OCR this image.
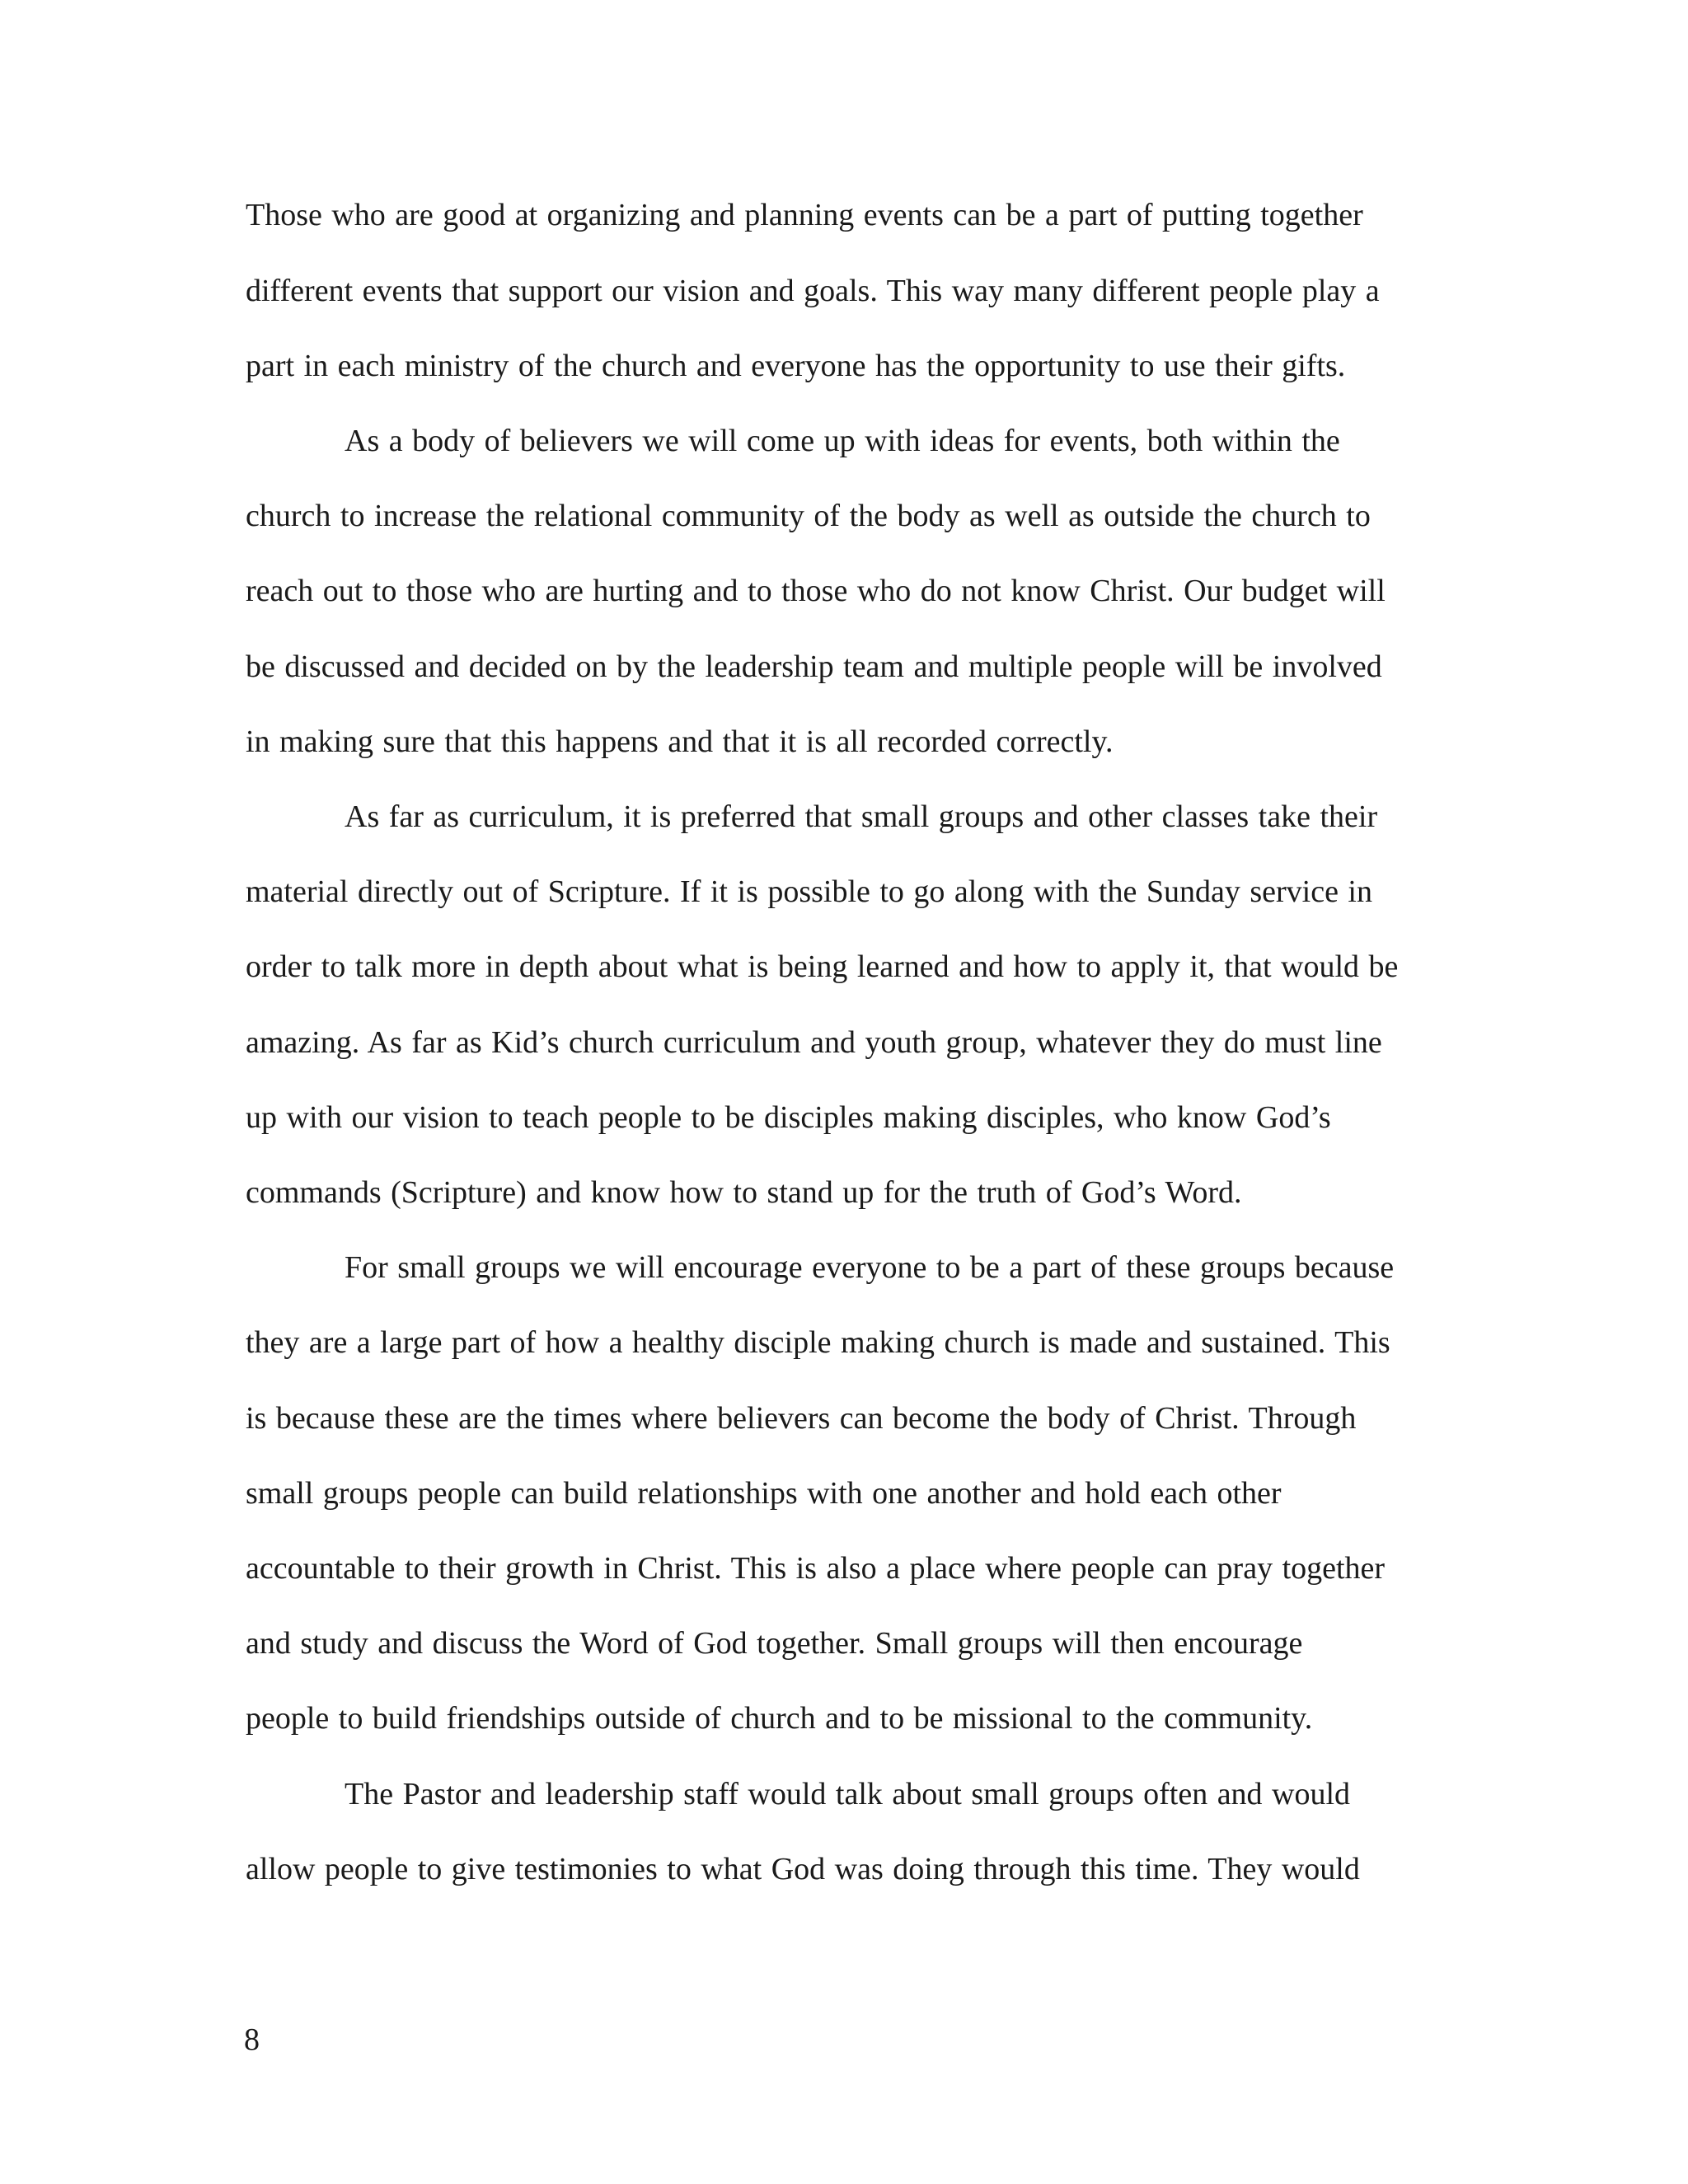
Those who are good at organizing and planning events can be a part of putting together
different events that support our vision and goals. This way many different people play a
part in each ministry of the church and everyone has the opportunity to use their gifts.
As a body of believers we will come up with ideas for events, both within the
church to increase the relational community of the body as well as outside the church to
reach out to those who are hurting and to those who do not know Christ. Our budget will
be discussed and decided on by the leadership team and multiple people will be involved
in making sure that this happens and that it is all recorded correctly.
As far as curriculum, it is preferred that small groups and other classes take their
material directly out of Scripture. If it is possible to go along with the Sunday service in
order to talk more in depth about what is being learned and how to apply it, that would be
amazing. As far as Kid’s church curriculum and youth group, whatever they do must line
up with our vision to teach people to be disciples making disciples, who know God’s
commands (Scripture) and know how to stand up for the truth of God’s Word.
For small groups we will encourage everyone to be a part of these groups because
they are a large part of how a healthy disciple making church is made and sustained. This
is because these are the times where believers can become the body of Christ. Through
small groups people can build relationships with one another and hold each other
accountable to their growth in Christ. This is also a place where people can pray together
and study and discuss the Word of God together. Small groups will then encourage
people to build friendships outside of church and to be missional to the community.
The Pastor and leadership staff would talk about small groups often and would
allow people to give testimonies to what God was doing through this time. They would
8
